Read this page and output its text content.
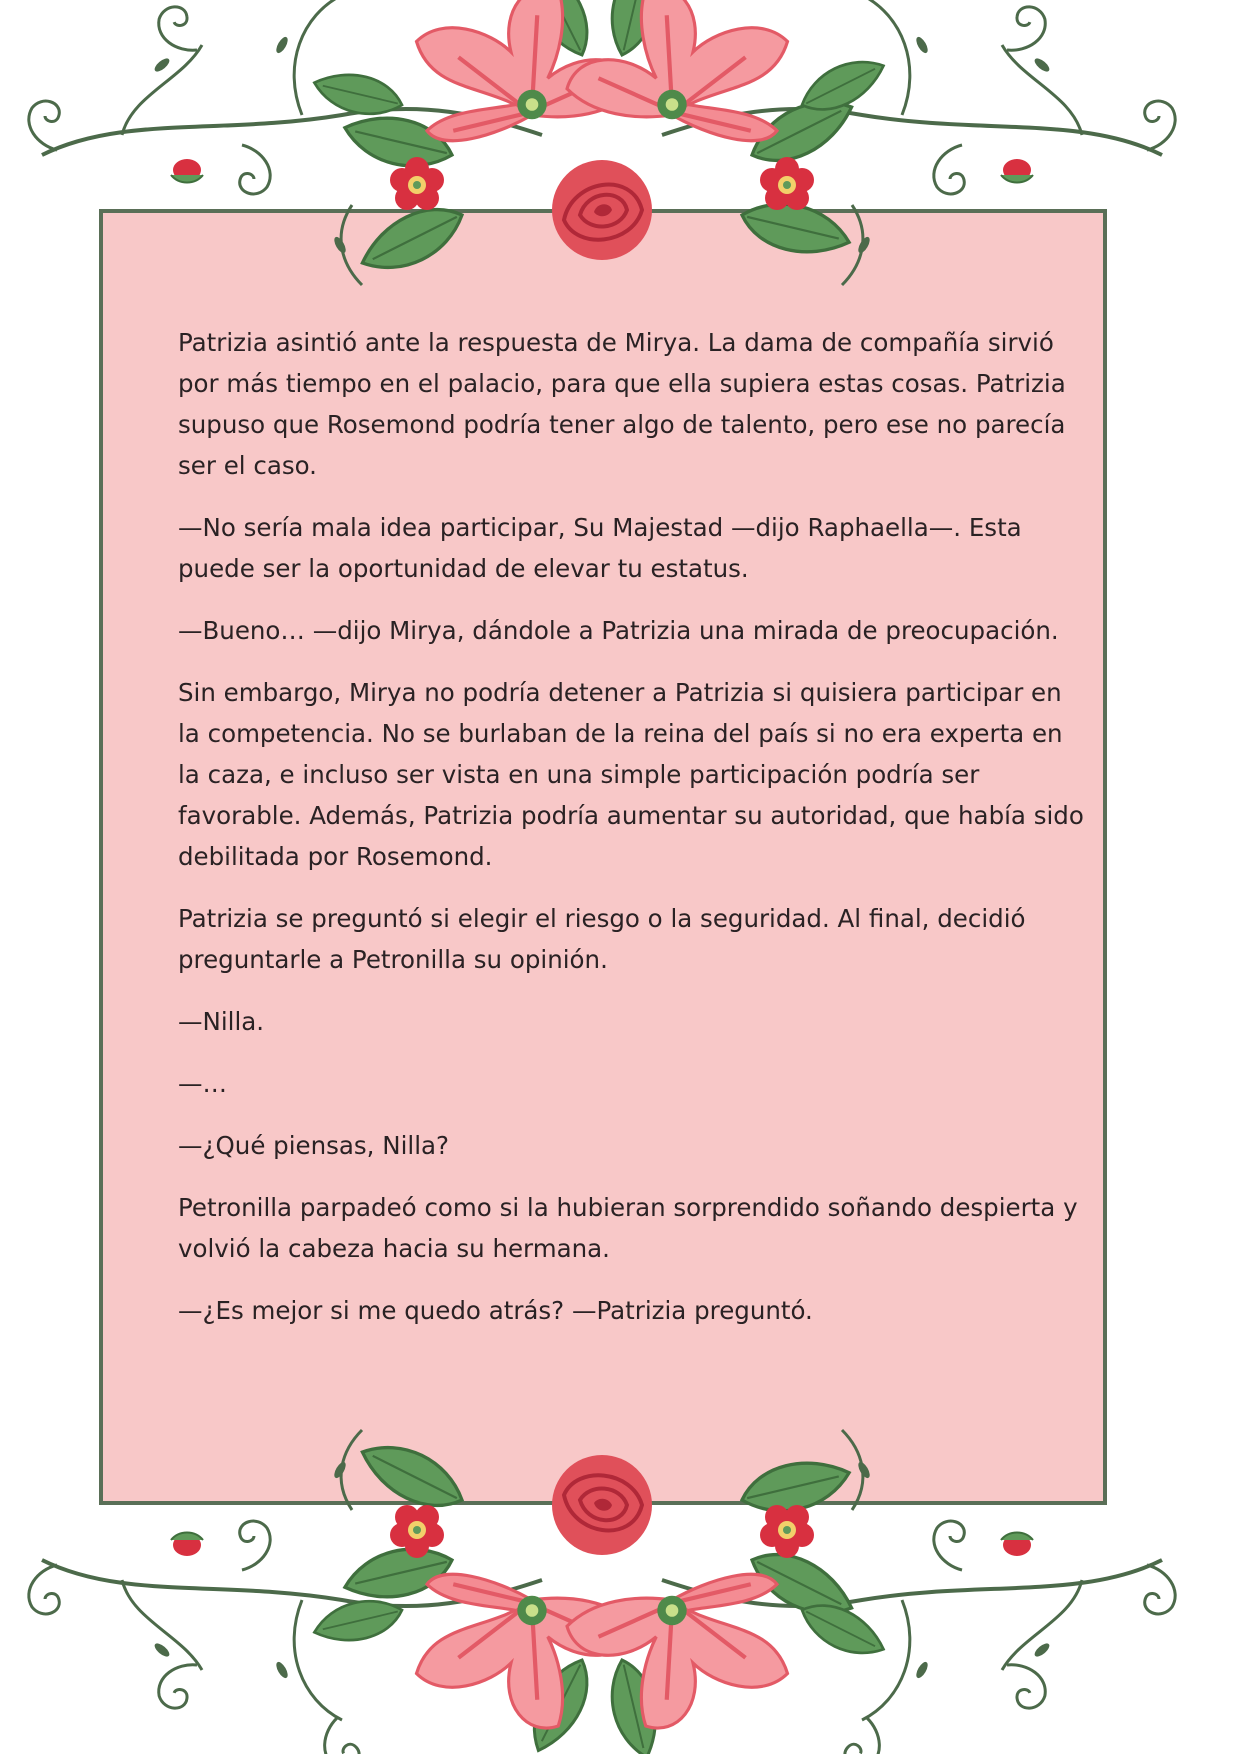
Patrizia asintió ante la respuesta de Mirya. La dama de compañía sirvió por más tiempo en el palacio, para que ella supiera estas cosas. Patrizia supuso que Rosemond podría tener algo de talento, pero ese no parecía ser el caso.

—No sería mala idea participar, Su Majestad —dijo Raphaella—. Esta puede ser la oportunidad de elevar tu estatus.

—Bueno… —dijo Mirya, dándole a Patrizia una mirada de preocupación.

Sin embargo, Mirya no podría detener a Patrizia si quisiera participar en la competencia. No se burlaban de la reina del país si no era experta en la caza, e incluso ser vista en una simple participación podría ser favorable. Además, Patrizia podría aumentar su autoridad, que había sido debilitada por Rosemond.

Patrizia se preguntó si elegir el riesgo o la seguridad. Al final, decidió preguntarle a Petronilla su opinión.

—Nilla.

—…

—¿Qué piensas, Nilla?

Petronilla parpadeó como si la hubieran sorprendido soñando despierta y volvió la cabeza hacia su hermana.

—¿Es mejor si me quedo atrás? —Patrizia preguntó.
